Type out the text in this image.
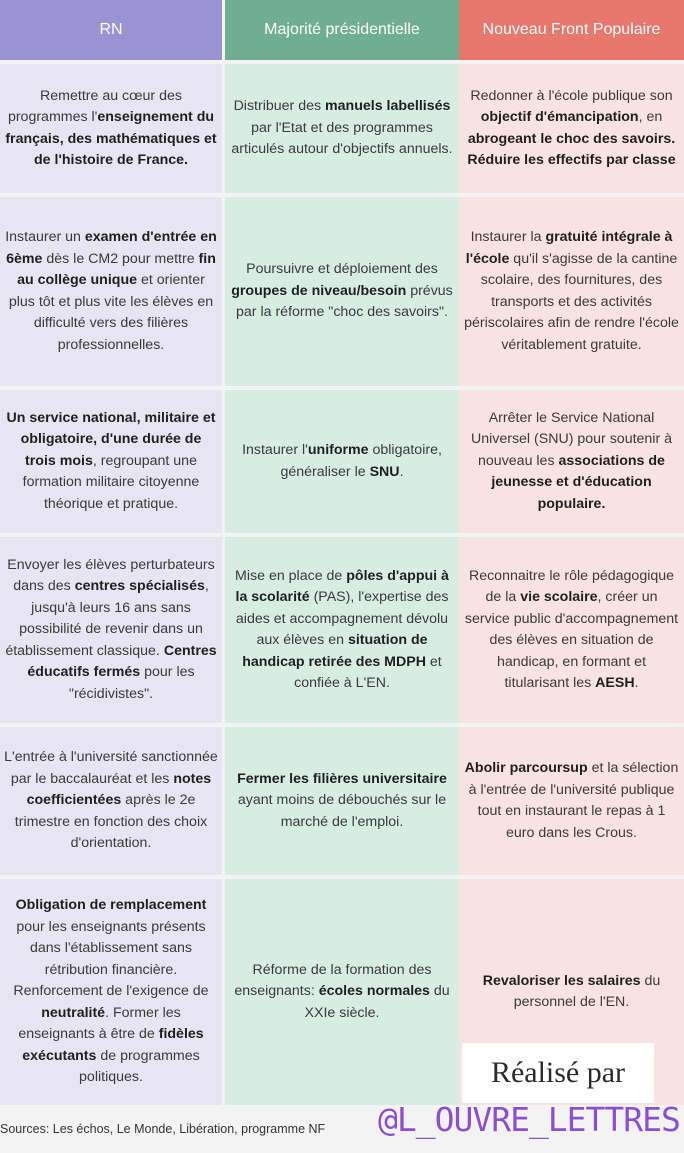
RN	Majorité présidentielle	Nouveau Front Populaire
Remettre au cœur des programmes l'enseignement du français, des mathématiques et de l'histoire de France.
Distribuer des manuels labellisés par l'Etat et des programmes articulés autour d'objectifs annuels.
Redonner à l'école publique son objectif d'émancipation, en abrogeant le choc des savoirs. Réduire les effectifs par classe
Instaurer un examen d'entrée en 6ème dès le CM2 pour mettre fin au collège unique et orienter plus tôt et plus vite les élèves en difficulté vers des filières professionnelles.
Poursuivre et déploiement des groupes de niveau/besoin prévus par la réforme "choc des savoirs".
Instaurer la gratuité intégrale à l'école qu'il s'agisse de la cantine scolaire, des fournitures, des transports et des activités périscolaires afin de rendre l'école véritablement gratuite.
Un service national, militaire et obligatoire, d'une durée de trois mois, regroupant une formation militaire citoyenne théorique et pratique.
Instaurer l'uniforme obligatoire, généraliser le SNU.
Arrêter le Service National Universel (SNU) pour soutenir à nouveau les associations de jeunesse et d'éducation populaire.
Envoyer les élèves perturbateurs dans des centres spécialisés, jusqu'à leurs 16 ans sans possibilité de revenir dans un établissement classique. Centres éducatifs fermés pour les "récidivistes".
Mise en place de pôles d'appui à la scolarité (PAS), l'expertise des aides et accompagnement dévolu aux élèves en situation de handicap retirée des MDPH et confiée à L'EN.
Reconnaitre le rôle pédagogique de la vie scolaire, créer un service public d'accompagnement des élèves en situation de handicap, en formant et titularisant les AESH.
L'entrée à l'université sanctionnée par le baccalauréat et les notes coefficientées après le 2e trimestre en fonction des choix d'orientation.
Fermer les filières universitaire ayant moins de débouchés sur le marché de l'emploi.
Abolir parcoursup et la sélection à l'entrée de l'université publique tout en instaurant le repas à 1 euro dans les Crous.
Obligation de remplacement pour les enseignants présents dans l'établissement sans rétribution financière. Renforcement de l'exigence de neutralité. Former les enseignants à être de fidèles exécutants de programmes politiques.
Réforme de la formation des enseignants: écoles normales du XXIe siècle.
Revaloriser les salaires du personnel de l'EN.
Réalisé par
Sources: Les échos, Le Monde, Libération, programme NF @L_OUVRE_LETTRES
